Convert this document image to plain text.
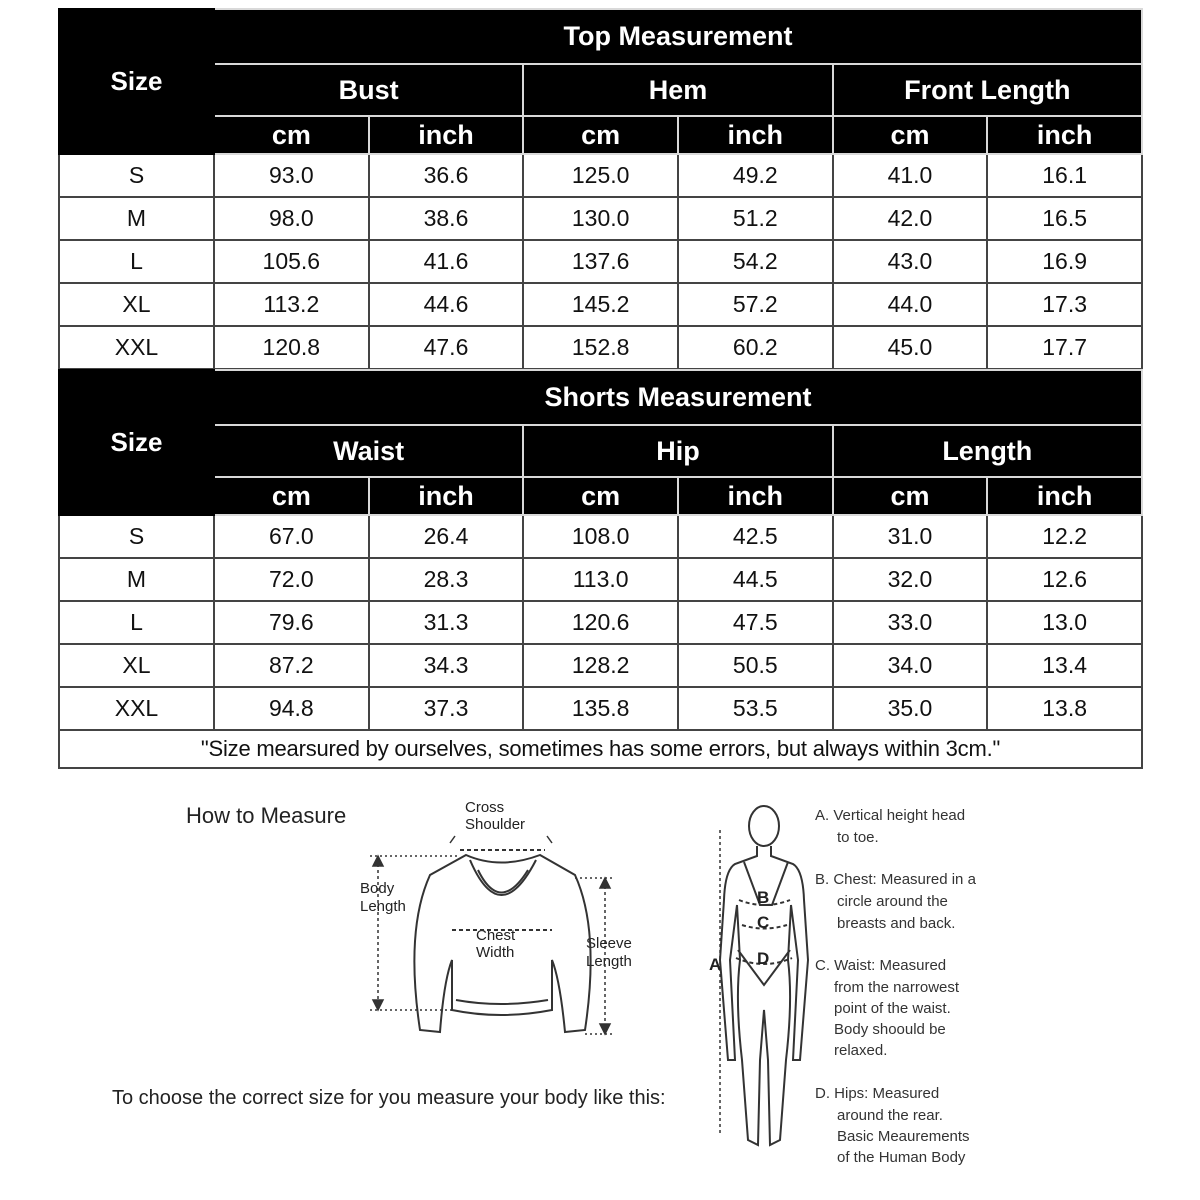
Size	Top Measurement					
	Bust		Hem		Front Length	
	cm	inch	cm	inch	cm	inch
S	93.0	36.6	125.0	49.2	41.0	16.1
M	98.0	38.6	130.0	51.2	42.0	16.5
L	105.6	41.6	137.6	54.2	43.0	16.9
XL	113.2	44.6	145.2	57.2	44.0	17.3
XXL	120.8	47.6	152.8	60.2	45.0	17.7
Size	Shorts Measurement					
	Waist		Hip		Length	
	cm	inch	cm	inch	cm	inch
S	67.0	26.4	108.0	42.5	31.0	12.2
M	72.0	28.3	113.0	44.5	32.0	12.6
L	79.6	31.3	120.6	47.5	33.0	13.0
XL	87.2	34.3	128.2	50.5	34.0	13.4
XXL	94.8	37.3	135.8	53.5	35.0	13.8
"Size mearsured by ourselves, sometimes has some errors, but always within 3cm."						
How to Measure	Cross
Shoulder
Body
Length
Chest
Width
Sleeve
Length
To choose the correct size for you measure your body like this:
A
B
C
D
A. Vertical height head
to toe.
B. Chest: Measured in a
circle around the
breasts and back.
C. Waist: Measured
from the narrowest
point of the waist.
Body shoould be
relaxed.
D. Hips: Measured
around the rear.
Basic Meaurements
of the Human Body
